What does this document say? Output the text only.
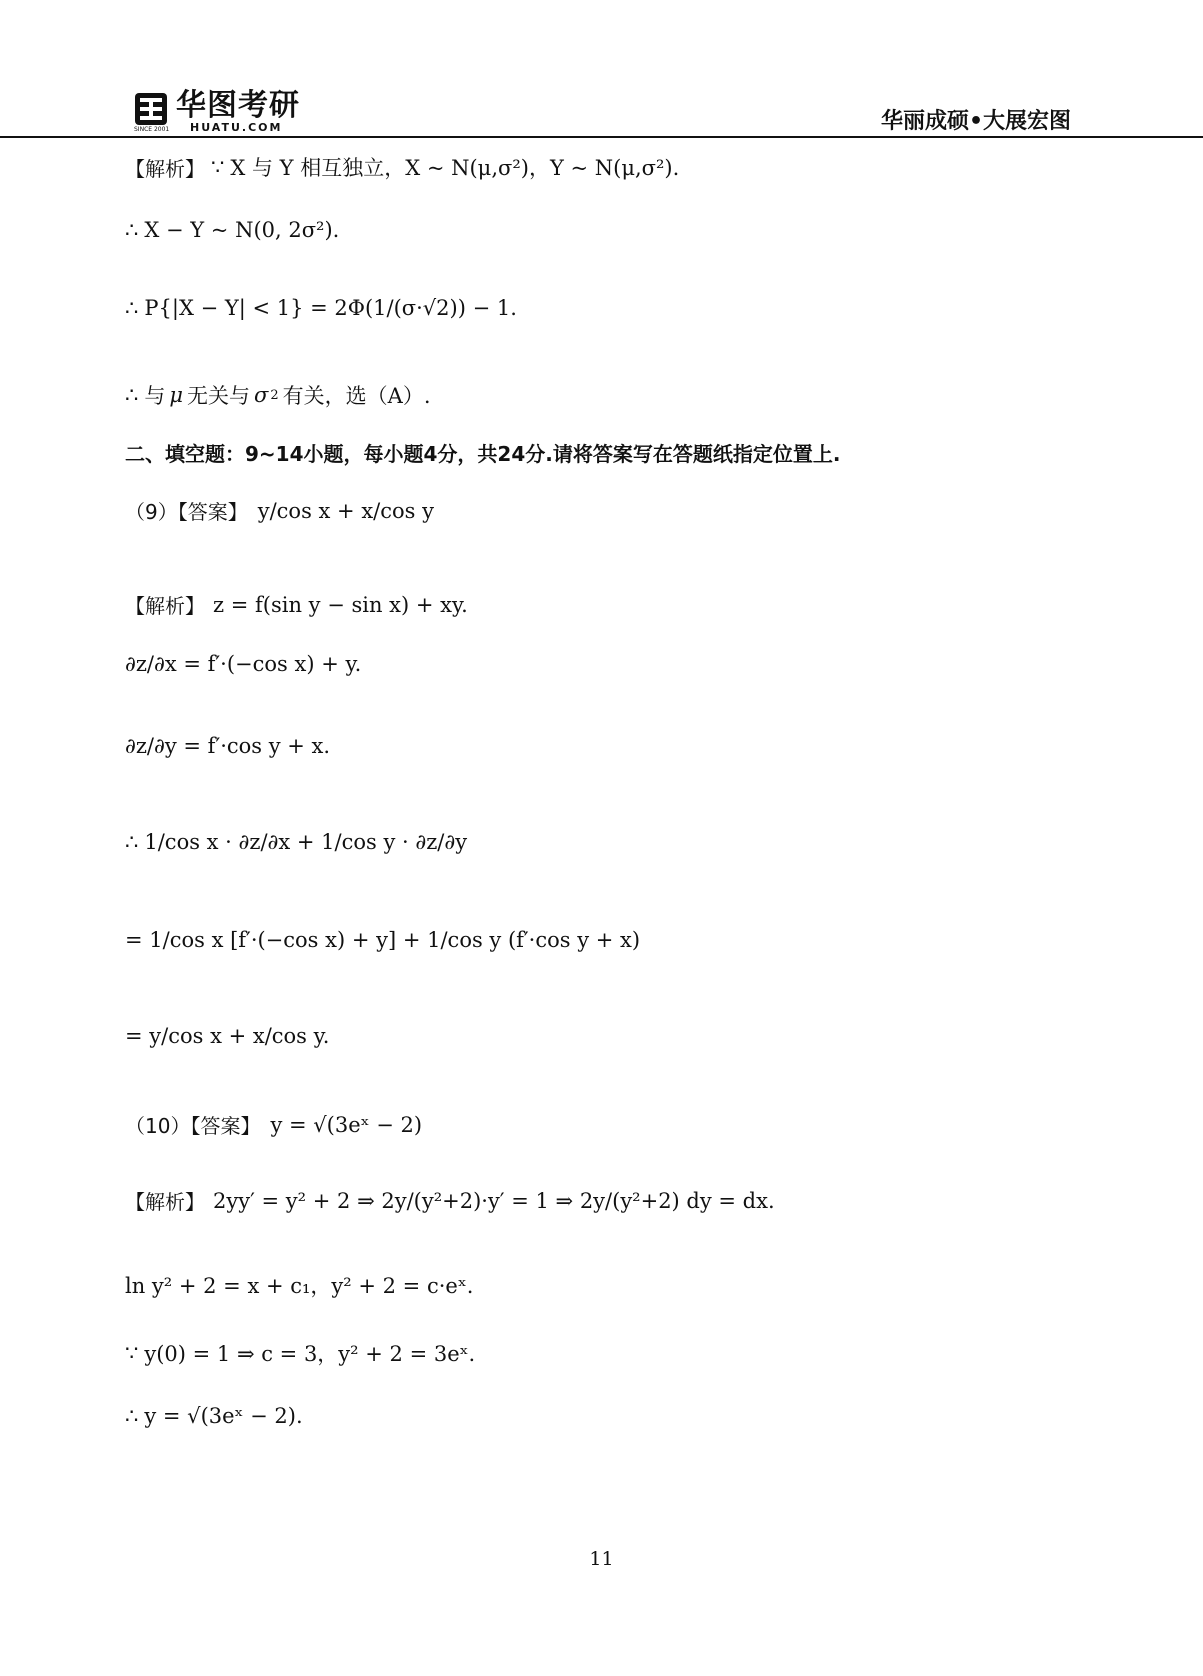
华图考研
HUATU.COM
SINCE 2001	华丽成硕•大展宏图
【解析】 ∵ X 与 Y 相互独立，X ~ N(μ,σ²)，Y ~ N(μ,σ²).
∴ X − Y ~ N(0, 2σ²).
∴ P{|X − Y| < 1} = 2Φ(1/(σ·√2)) − 1.
∴ 与 μ 无关与 σ 2 有关，选（A）.
二、填空题：9~14小题，每小题4分，共24分.请将答案写在答题纸指定位置上.
（9）【答案】 y/cos x + x/cos y
【解析】 z = f(sin y − sin x) + xy.
∂z/∂x = f′·(−cos x) + y.
∂z/∂y = f′·cos y + x.
∴ 1/cos x · ∂z/∂x + 1/cos y · ∂z/∂y
= 1/cos x [f′·(−cos x) + y] + 1/cos y (f′·cos y + x)
= y/cos x + x/cos y.
（10）【答案】 y = √(3eˣ − 2)
【解析】 2yy′ = y² + 2 ⇒ 2y/(y²+2)·y′ = 1 ⇒ 2y/(y²+2) dy = dx.
ln y² + 2 = x + c₁，y² + 2 = c·eˣ.
∵ y(0) = 1 ⇒ c = 3，y² + 2 = 3eˣ.
∴ y = √(3eˣ − 2).
11
